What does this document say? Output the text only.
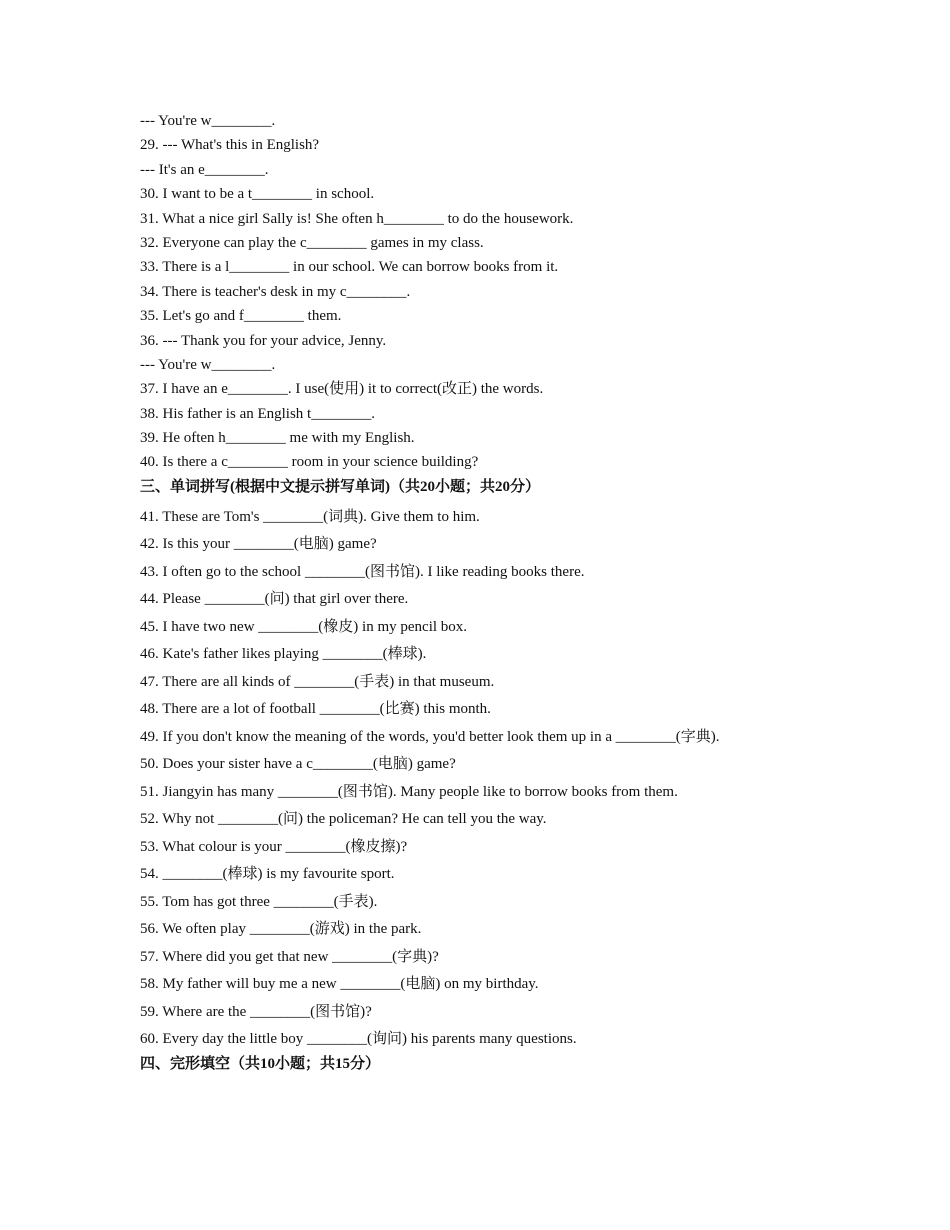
--- You're w________.
29. --- What's this in English?
--- It's an e________.
30. I want to be a t________ in school.
31. What a nice girl Sally is! She often h________ to do the housework.
32. Everyone can play the c________ games in my class.
33. There is a l________ in our school. We can borrow books from it.
34. There is teacher's desk in my c________.
35. Let's go and f________ them.
36. --- Thank you for your advice, Jenny.
--- You're w________.
37. I have an e________. I use(使用) it to correct(改正) the words.
38. His father is an English t________.
39. He often h________ me with my English.
40. Is there a c________ room in your science building?
三、单词拼写(根据中文提示拼写单词)（共20小题；共20分）
41. These are Tom's ________(词典). Give them to him.
42. Is this your ________(电脑) game?
43. I often go to the school ________(图书馆). I like reading books there.
44. Please ________(问) that girl over there.
45. I have two new ________(橡皮) in my pencil box.
46. Kate's father likes playing ________(棒球).
47. There are all kinds of ________(手表) in that museum.
48. There are a lot of football ________(比赛) this month.
49. If you don't know the meaning of the words, you'd better look them up in a ________(字典).
50. Does your sister have a c________(电脑) game?
51. Jiangyin has many ________(图书馆). Many people like to borrow books from them.
52. Why not ________(问) the policeman? He can tell you the way.
53. What colour is your ________(橡皮擦)?
54. ________(棒球) is my favourite sport.
55. Tom has got three ________(手表).
56. We often play ________(游戏) in the park.
57. Where did you get that new ________(字典)?
58. My father will buy me a new ________(电脑) on my birthday.
59. Where are the ________(图书馆)?
60. Every day the little boy ________(询问) his parents many questions.
四、完形填空（共10小题；共15分）
